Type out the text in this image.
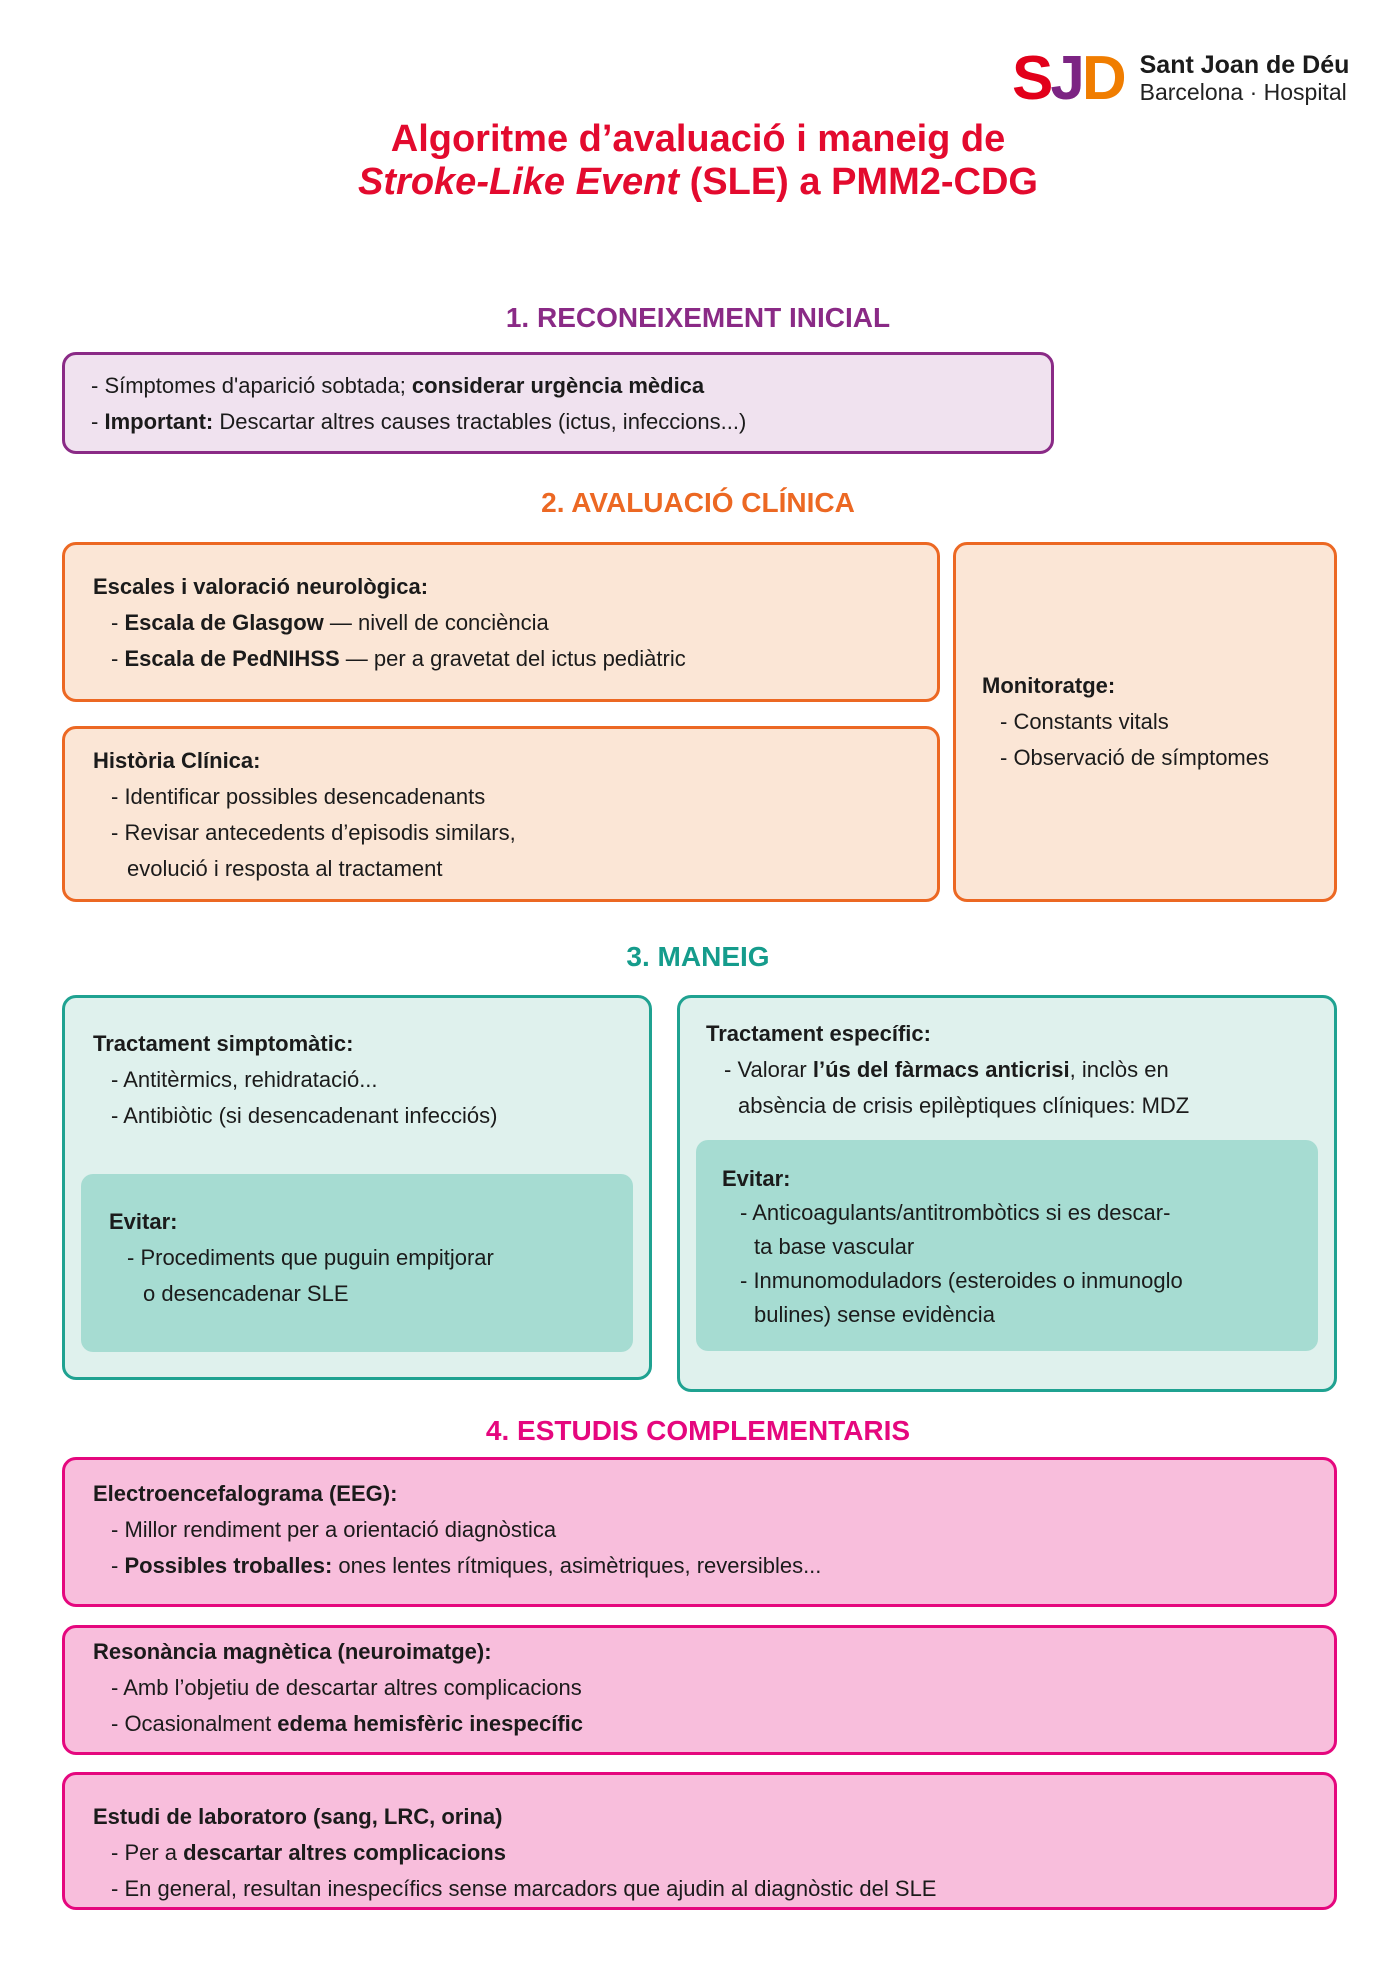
SJD Sant Joan de Déu
Barcelona · Hospital
Algoritme d’avaluació i maneig de
Stroke-Like Event (SLE) a PMM2-CDG
1. RECONEIXEMENT INICIAL
- Símptomes d'aparició sobtada; considerar urgència mèdica
- Important: Descartar altres causes tractables (ictus, infeccions...)
2. AVALUACIÓ CLÍNICA
Escales i valoració neurològica:
- Escala de Glasgow — nivell de conciència
- Escala de PedNIHSS — per a gravetat del ictus pediàtric
Història Clínica:
- Identificar possibles desencadenants
- Revisar antecedents d’episodis similars,
evolució i resposta al tractament
Monitoratge:
- Constants vitals
- Observació de símptomes
3. MANEIG
Tractament simptomàtic:
- Antitèrmics, rehidratació...
- Antibiòtic (si desencadenant infecciós)
Evitar:
- Procediments que puguin empitjorar
o desencadenar SLE
Tractament específic:
- Valorar l’ús del fàrmacs anticrisi, inclòs en
absència de crisis epilèptiques clíniques: MDZ
Evitar:
- Anticoagulants/antitrombòtics si es descar-
ta base vascular
- Inmunomoduladors (esteroides o inmunoglo
bulines) sense evidència
4. ESTUDIS COMPLEMENTARIS
Electroencefalograma (EEG):
- Millor rendiment per a orientació diagnòstica
- Possibles troballes: ones lentes rítmiques, asimètriques, reversibles...
Resonància magnètica (neuroimatge):
- Amb l’objetiu de descartar altres complicacions
- Ocasionalment edema hemisfèric inespecífic
Estudi de laboratoro (sang, LRC, orina)
- Per a descartar altres complicacions
- En general, resultan inespecífics sense marcadors que ajudin al diagnòstic del SLE
